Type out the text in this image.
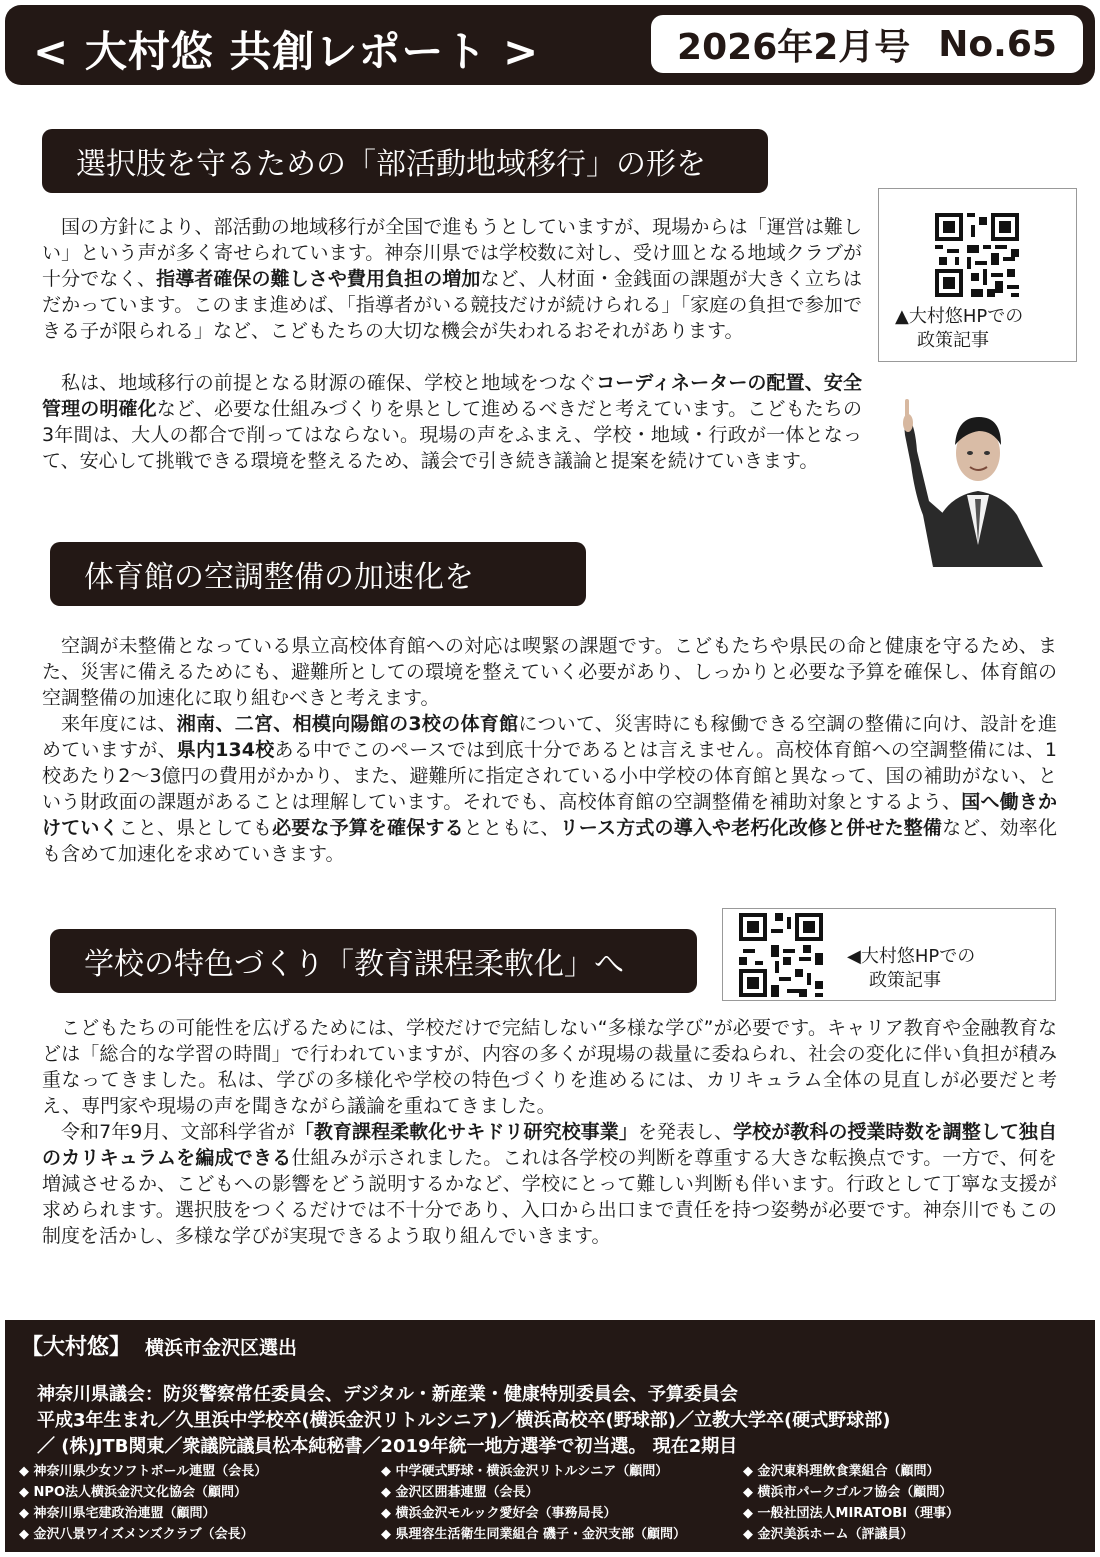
< 大村悠 共創レポート >	2026年2月号 No.65
選択肢を守るための「部活動地域移行」の形を

国の方針により、部活動の地域移行が全国で進もうとしていますが、現場からは「運営は難しい」という声が多く寄せられています。神奈川県では学校数に対し、受け皿となる地域クラブが十分でなく、指導者確保の難しさや費用負担の増加など、人材面・金銭面の課題が大きく立ちはだかっています。このまま進めば、「指導者がいる競技だけが続けられる」「家庭の負担で参加できる子が限られる」など、こどもたちの大切な機会が失われるおそれがあります。

私は、地域移行の前提となる財源の確保、学校と地域をつなぐコーディネーターの配置、安全管理の明確化など、必要な仕組みづくりを県として進めるべきだと考えています。こどもたちの3年間は、大人の都合で削ってはならない。現場の声をふまえ、学校・地域・行政が一体となって、安心して挑戦できる環境を整えるため、議会で引き続き議論と提案を続けていきます。

▲大村悠HPでの
政策記事
体育館の空調整備の加速化を

空調が未整備となっている県立高校体育館への対応は喫緊の課題です。こどもたちや県民の命と健康を守るため、また、災害に備えるためにも、避難所としての環境を整えていく必要があり、しっかりと必要な予算を確保し、体育館の空調整備の加速化に取り組むべきと考えます。

来年度には、湘南、二宮、相模向陽館の3校の体育館について、災害時にも稼働できる空調の整備に向け、設計を進めていますが、県内134校ある中でこのペースでは到底十分であるとは言えません。高校体育館への空調整備には、1校あたり2～3億円の費用がかかり、また、避難所に指定されている小中学校の体育館と異なって、国の補助がない、という財政面の課題があることは理解しています。それでも、高校体育館の空調整備を補助対象とするよう、国へ働きかけていくこと、県としても必要な予算を確保するとともに、リース方式の導入や老朽化改修と併せた整備など、効率化も含めて加速化を求めていきます。

◀大村悠HPでの
政策記事
学校の特色づくり「教育課程柔軟化」へ

こどもたちの可能性を広げるためには、学校だけで完結しない“多様な学び”が必要です。キャリア教育や金融教育などは「総合的な学習の時間」で行われていますが、内容の多くが現場の裁量に委ねられ、社会の変化に伴い負担が積み重なってきました。私は、学びの多様化や学校の特色づくりを進めるには、カリキュラム全体の見直しが必要だと考え、専門家や現場の声を聞きながら議論を重ねてきました。

令和7年9月、文部科学省が「教育課程柔軟化サキドリ研究校事業」を発表し、学校が教科の授業時数を調整して独自のカリキュラムを編成できる仕組みが示されました。これは各学校の判断を尊重する大きな転換点です。一方で、何を増減させるか、こどもへの影響をどう説明するかなど、学校にとって難しい判断も伴います。行政として丁寧な支援が求められます。選択肢をつくるだけでは不十分であり、入口から出口まで責任を持つ姿勢が必要です。神奈川でもこの制度を活かし、多様な学びが実現できるよう取り組んでいきます。

【大村悠】 横浜市金沢区選出
神奈川県議会：防災警察常任委員会、デジタル・新産業・健康特別委員会、予算委員会
平成3年生まれ／久里浜中学校卒(横浜金沢リトルシニア)／横浜高校卒(野球部)／立教大学卒(硬式野球部)
／ (株)JTB関東／衆議院議員松本純秘書／2019年統一地方選挙で初当選。 現在2期目
◆ 神奈川県少女ソフトボール連盟（会長）	◆ 中学硬式野球・横浜金沢リトルシニア（顧問）	◆ 金沢東料理飲食業組合（顧問）
◆ NPO法人横浜金沢文化協会（顧問）	◆ 金沢区囲碁連盟（会長）	◆ 横浜市パークゴルフ協会（顧問）
◆ 神奈川県宅建政治連盟（顧問）	◆ 横浜金沢モルック愛好会（事務局長）	◆ 一般社団法人MIRATOBI（理事）
◆ 金沢八景ワイズメンズクラブ（会長）	◆ 県理容生活衛生同業組合 磯子・金沢支部（顧問）	◆ 金沢美浜ホーム（評議員）
